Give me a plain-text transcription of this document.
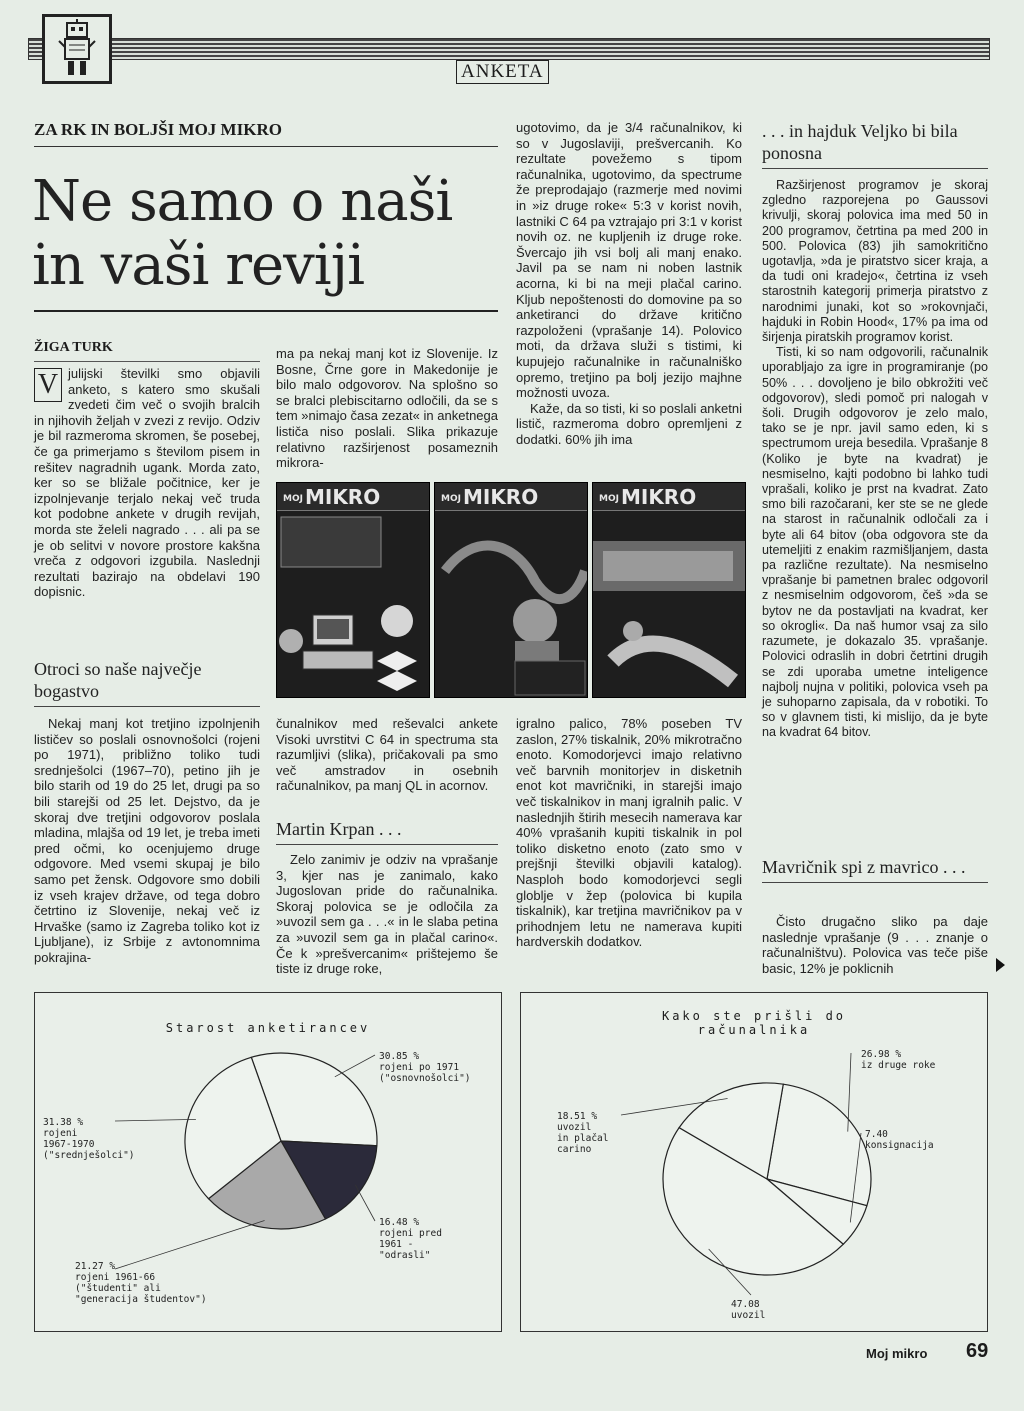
ANKETA
ZA RK IN BOLJŠI MOJ MIKRO
Ne samo o naši
in vaši reviji
ŽIGA TURK
V julijski številki smo objavili anketo, s katero smo skušali zvedeti čim več o svojih bralcih in njihovih željah v zvezi z revijo. Odziv je bil razmeroma skromen, še posebej, če ga primerjamo s številom pisem in rešitev nagradnih ugank. Morda zato, ker so se bližale počitnice, ker je izpolnjevanje terjalo nekaj več truda kot podobne ankete v drugih revijah, morda ste želeli nagrado . . . ali pa se je ob selitvi v novore prostore kakšna vreča z odgovori izgubila. Naslednji rezultati bazirajo na obdelavi 190 dopisnic.
Otroci so naše največje bogastvo
Nekaj manj kot tretjino izpolnjenih lističev so poslali osnovnošolci (rojeni po 1971), približno toliko tudi srednješolci (1967–70), petino jih je bilo starih od 19 do 25 let, drugi pa so bili starejši od 25 let. Dejstvo, da je skoraj dve tretjini odgovorov poslala mladina, mlajša od 19 let, je treba imeti pred očmi, ko ocenjujemo druge odgovore. Med vsemi skupaj je bilo samo pet žensk. Odgovore smo dobili iz vseh krajev države, od tega dobro četrtino iz Slovenije, nekaj več iz Hrvaške (samo iz Zagreba toliko kot iz Ljubljane), iz Srbije z avtonomnima pokrajina-
ma pa nekaj manj kot iz Slovenije. Iz Bosne, Črne gore in Makedonije je bilo malo odgovorov. Na splošno so se bralci plebiscitarno odločili, da se s tem »nimajo časa zezat« in anketnega lističa niso poslali. Slika prikazuje relativno razširjenost posameznih mikrora-
čunalnikov med reševalci ankete Visoki uvrstitvi C 64 in spectruma sta razumljivi (slika), pričakovali pa smo več amstradov in osebnih računalnikov, pa manj QL in acornov.
Martin Krpan . . .
Zelo zanimiv je odziv na vprašanje 3, kjer nas je zanimalo, kako Jugoslovan pride do računalnika. Skoraj polovica se je odločila za »uvozil sem ga . . .« in le slaba petina za »uvozil sem ga in plačal carino«. Če k »prešvercanim« prištejemo še tiste iz druge roke,
ugotovimo, da je 3/4 računalnikov, ki so v Jugoslaviji, prešvercanih. Ko rezultate povežemo s tipom računalnika, ugotovimo, da spectrume že preprodajajo (razmerje med novimi in »iz druge roke« 5:3 v korist novih, lastniki C 64 pa vztrajajo pri 3:1 v korist novih oz. ne kupljenih iz druge roke. Švercajo jih vsi bolj ali manj enako. Javil pa se nam ni noben lastnik acorna, ki bi na meji plačal carino. Kljub nepoštenosti do domovine pa so anketiranci do države kritično razpoloženi (vprašanje 14). Polovico moti, da država služi s tistimi, ki kupujejo računalnike in računalniško opremo, tretjino pa bolj jezijo majhne možnosti uvoza.
Kaže, da so tisti, ki so poslali anketni listič, razmeroma dobro opremljeni z dodatki. 60% jih ima
igralno palico, 78% poseben TV zaslon, 27% tiskalnik, 20% mikrotračno enoto. Komodorjevci imajo relativno več barvnih monitorjev in disketnih enot kot mavričniki, in starejši imajo več tiskalnikov in manj igralnih palic. V naslednjih štirih mesecih namerava kar 40% vprašanih kupiti tiskalnik in pol toliko disketno enoto (zato smo v prejšnji številki objavili katalog). Nasploh bodo komodorjevci segli globlje v žep (polovica bi kupila tiskalnik), kar tretjina mavričnikov pa v prihodnjem letu ne namerava kupiti hardverskih dodatkov.
. . . in hajduk Veljko bi bila ponosna
Razširjenost programov je skoraj zgledno razporejena po Gaussovi krivulji, skoraj polovica ima med 50 in 200 programov, četrtina pa med 200 in 500. Polovica (83) jih samokritično ugotavlja, »da je piratstvo sicer kraja, a da tudi oni kradejo«, četrtina iz vseh starostnih kategorij primerja piratstvo z narodnimi junaki, kot so »rokovnjači, hajduki in Robin Hood«, 17% pa ima od širjenja piratskih programov korist.
Tisti, ki so nam odgovorili, računalnik uporabljajo za igre in programiranje (po 50% . . . dovoljeno je bilo obkrožiti več odgovorov), sledi pomoč pri nalogah v šoli. Drugih odgovorov je zelo malo, tako se je npr. javil samo eden, ki s spectrumom ureja besedila. Vprašanje 8 (Koliko je byte na kvadrat) je nesmiselno, kajti podobno bi lahko tudi vprašali, koliko je prst na kvadrat. Zato smo bili razočarani, ker ste se ne glede na starost in računalnik odločali za i byte ali 64 bitov (oba odgovora ste da utemeljiti z enakim razmišljanjem, dasta pa različne rezultate). Na nesmiselno vprašanje bi pametnen bralec odgovoril z nesmiselnim odgovorom, češ »da se bytov ne da postavljati na kvadrat, ker so okrogli«. Da naš humor vsaj za silo razumete, je dokazalo 35. vprašanje. Polovici odraslih in dobri četrtini drugih se zdi uporaba umetne inteligence najbolj nujna v politiki, polovica vseh pa je suhoparno zapisala, da v robotiki. To so v glavnem tisti, ki mislijo, da je byte na kvadrat 64 bitov.
Mavričnik spi z mavrico . . .
Čisto drugačno sliko pa daje naslednje vprašanje (9 . . . znanje o računalništvu). Polovica vas teče piše basic, 12% je poklicnih
MOJ MIKRO	MOJ MIKRO	MOJ MIKRO
Starost anketirancev
30.85 % rojeni po 1971 ("osnovnošolci")
16.48 % rojeni pred 1961 -"odrasli"
21.27 % rojeni 1961-66 ("študenti" ali "generacija študentov")
31.38 % rojeni 1967-1970 ("srednješolci")
Kako ste prišli do računalnika
26.98 % iz druge roke
7.40 konsignacija
47.08 uvozil
18.51 % uvozil in plačal carino
Moj mikro 69
